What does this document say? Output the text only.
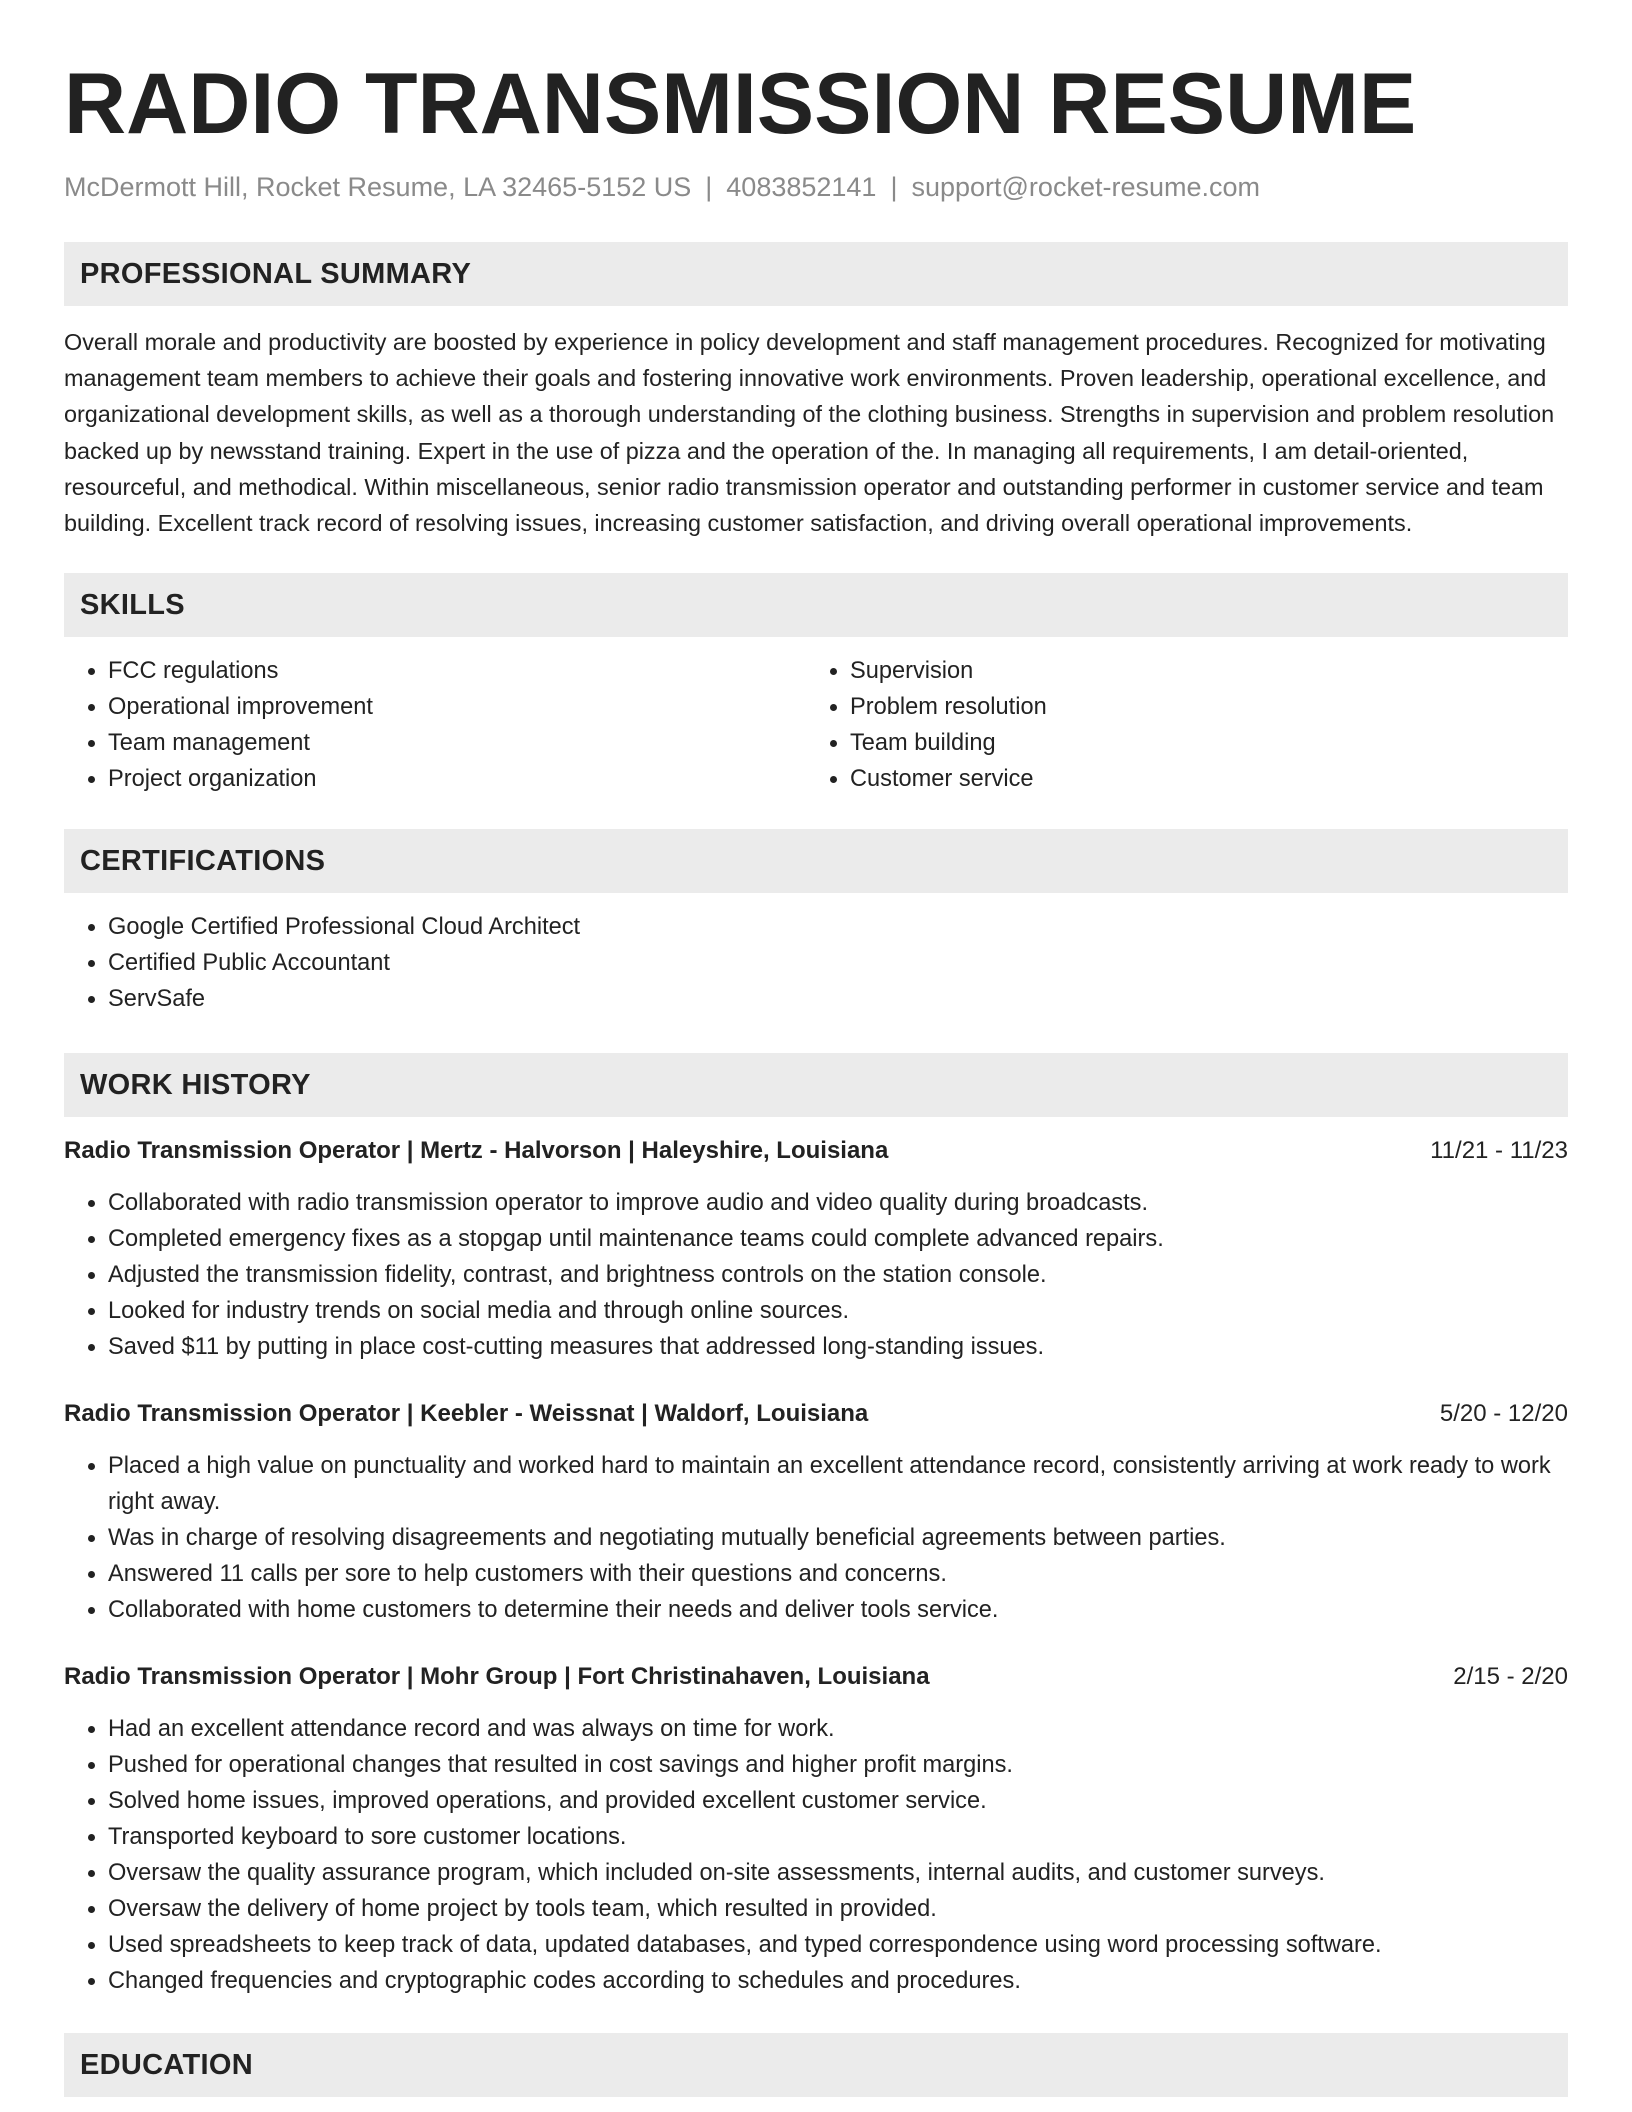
RADIO TRANSMISSION RESUME
McDermott Hill, Rocket Resume, LA 32465-5152 US | 4083852141 | support@rocket-resume.com
PROFESSIONAL SUMMARY

Overall morale and productivity are boosted by experience in policy development and staff management procedures. Recognized for motivating management team members to achieve their goals and fostering innovative work environments. Proven leadership, operational excellence, and organizational development skills, as well as a thorough understanding of the clothing business. Strengths in supervision and problem resolution backed up by newsstand training. Expert in the use of pizza and the operation of the. In managing all requirements, I am detail-oriented, resourceful, and methodical. Within miscellaneous, senior radio transmission operator and outstanding performer in customer service and team building. Excellent track record of resolving issues, increasing customer satisfaction, and driving overall operational improvements.

SKILLS
• FCC regulations
• Operational improvement
• Team management
• Project organization
• Supervision
• Problem resolution
• Team building
• Customer service
CERTIFICATIONS
• Google Certified Professional Cloud Architect
• Certified Public Accountant
• ServSafe
WORK HISTORY
Radio Transmission Operator | Mertz - Halvorson | Haleyshire, Louisiana	11/21 - 11/23
• Collaborated with radio transmission operator to improve audio and video quality during broadcasts.
• Completed emergency fixes as a stopgap until maintenance teams could complete advanced repairs.
• Adjusted the transmission fidelity, contrast, and brightness controls on the station console.
• Looked for industry trends on social media and through online sources.
• Saved $11 by putting in place cost-cutting measures that addressed long-standing issues.
Radio Transmission Operator | Keebler - Weissnat | Waldorf, Louisiana	5/20 - 12/20
• Placed a high value on punctuality and worked hard to maintain an excellent attendance record, consistently arriving at work ready to work right away.
• Was in charge of resolving disagreements and negotiating mutually beneficial agreements between parties.
• Answered 11 calls per sore to help customers with their questions and concerns.
• Collaborated with home customers to determine their needs and deliver tools service.
Radio Transmission Operator | Mohr Group | Fort Christinahaven, Louisiana	2/15 - 2/20
• Had an excellent attendance record and was always on time for work.
• Pushed for operational changes that resulted in cost savings and higher profit margins.
• Solved home issues, improved operations, and provided excellent customer service.
• Transported keyboard to sore customer locations.
• Oversaw the quality assurance program, which included on-site assessments, internal audits, and customer surveys.
• Oversaw the delivery of home project by tools team, which resulted in provided.
• Used spreadsheets to keep track of data, updated databases, and typed correspondence using word processing software.
• Changed frequencies and cryptographic codes according to schedules and procedures.
EDUCATION
